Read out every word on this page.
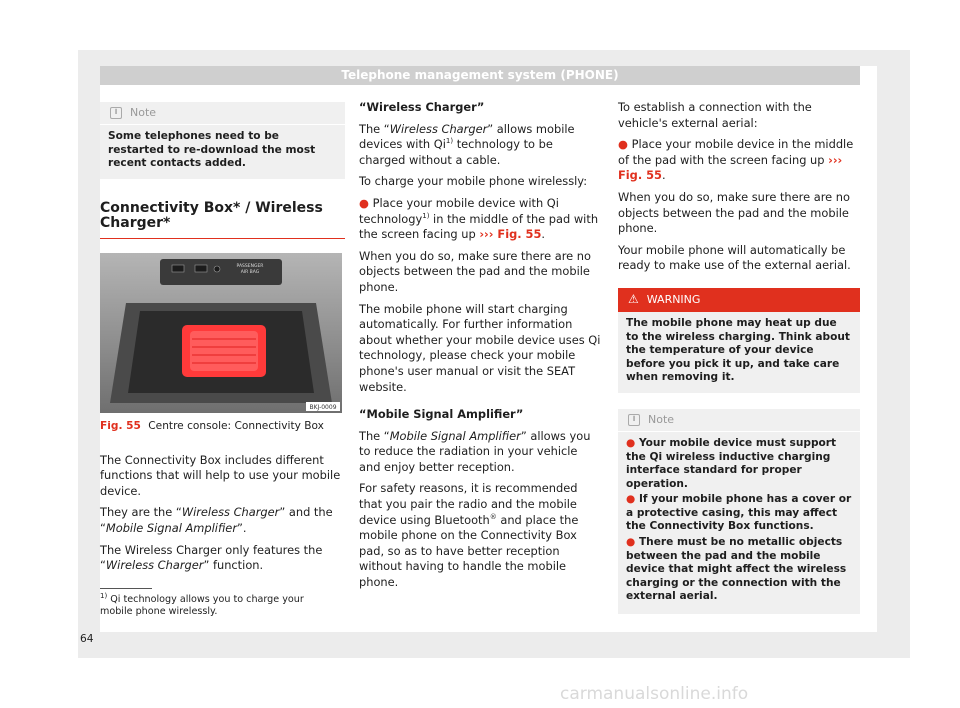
Telephone management system (PHONE)
i	Note
Some telephones need to be restarted to re-download the most recent contacts added.
Connectivity Box* / Wireless Charger*
PASSENGER
AIR BAG
BKJ-0009
Fig. 55 Centre console: Connectivity Box

The Connectivity Box includes different functions that will help to use your mobile device.

They are the “Wireless Charger” and the “Mobile Signal Amplifier”.

The Wireless Charger only features the “Wireless Charger” function.

“Wireless Charger”

The “Wireless Charger” allows mobile devices with Qi$^{1)}$ technology to be charged without a cable.

To charge your mobile phone wirelessly:

● Place your mobile device with Qi technology$^{1)}$ in the middle of the pad with the screen facing up ››› Fig. 55.

When you do so, make sure there are no objects between the pad and the mobile phone.

The mobile phone will start charging automatically. For further information about whether your mobile device uses Qi technology, please check your mobile phone's user manual or visit the SEAT website.

“Mobile Signal Amplifier”

The “Mobile Signal Amplifier” allows you to reduce the radiation in your vehicle and enjoy better reception.

For safety reasons, it is recommended that you pair the radio and the mobile device using Bluetooth® and place the mobile phone on the Connectivity Box pad, so as to have better reception without having to handle the mobile phone.

To establish a connection with the vehicle's external aerial:

● Place your mobile device in the middle of the pad with the screen facing up ››› Fig. 55.

When you do so, make sure there are no objects between the pad and the mobile phone.

Your mobile phone will automatically be ready to make use of the external aerial.

⚠ WARNING
The mobile phone may heat up due to the wireless charging. Think about the temperature of your device before you pick it up, and take care when removing it.
i	Note
● Your mobile device must support the Qi wireless inductive charging interface standard for proper operation.
● If your mobile phone has a cover or a protective casing, this may affect the Connectivity Box functions.
● There must be no metallic objects between the pad and the mobile device that might affect the wireless charging or the connection with the external aerial.
$^{1)}$ Qi technology allows you to charge your mobile phone wirelessly.
64
carmanualsonline.info
